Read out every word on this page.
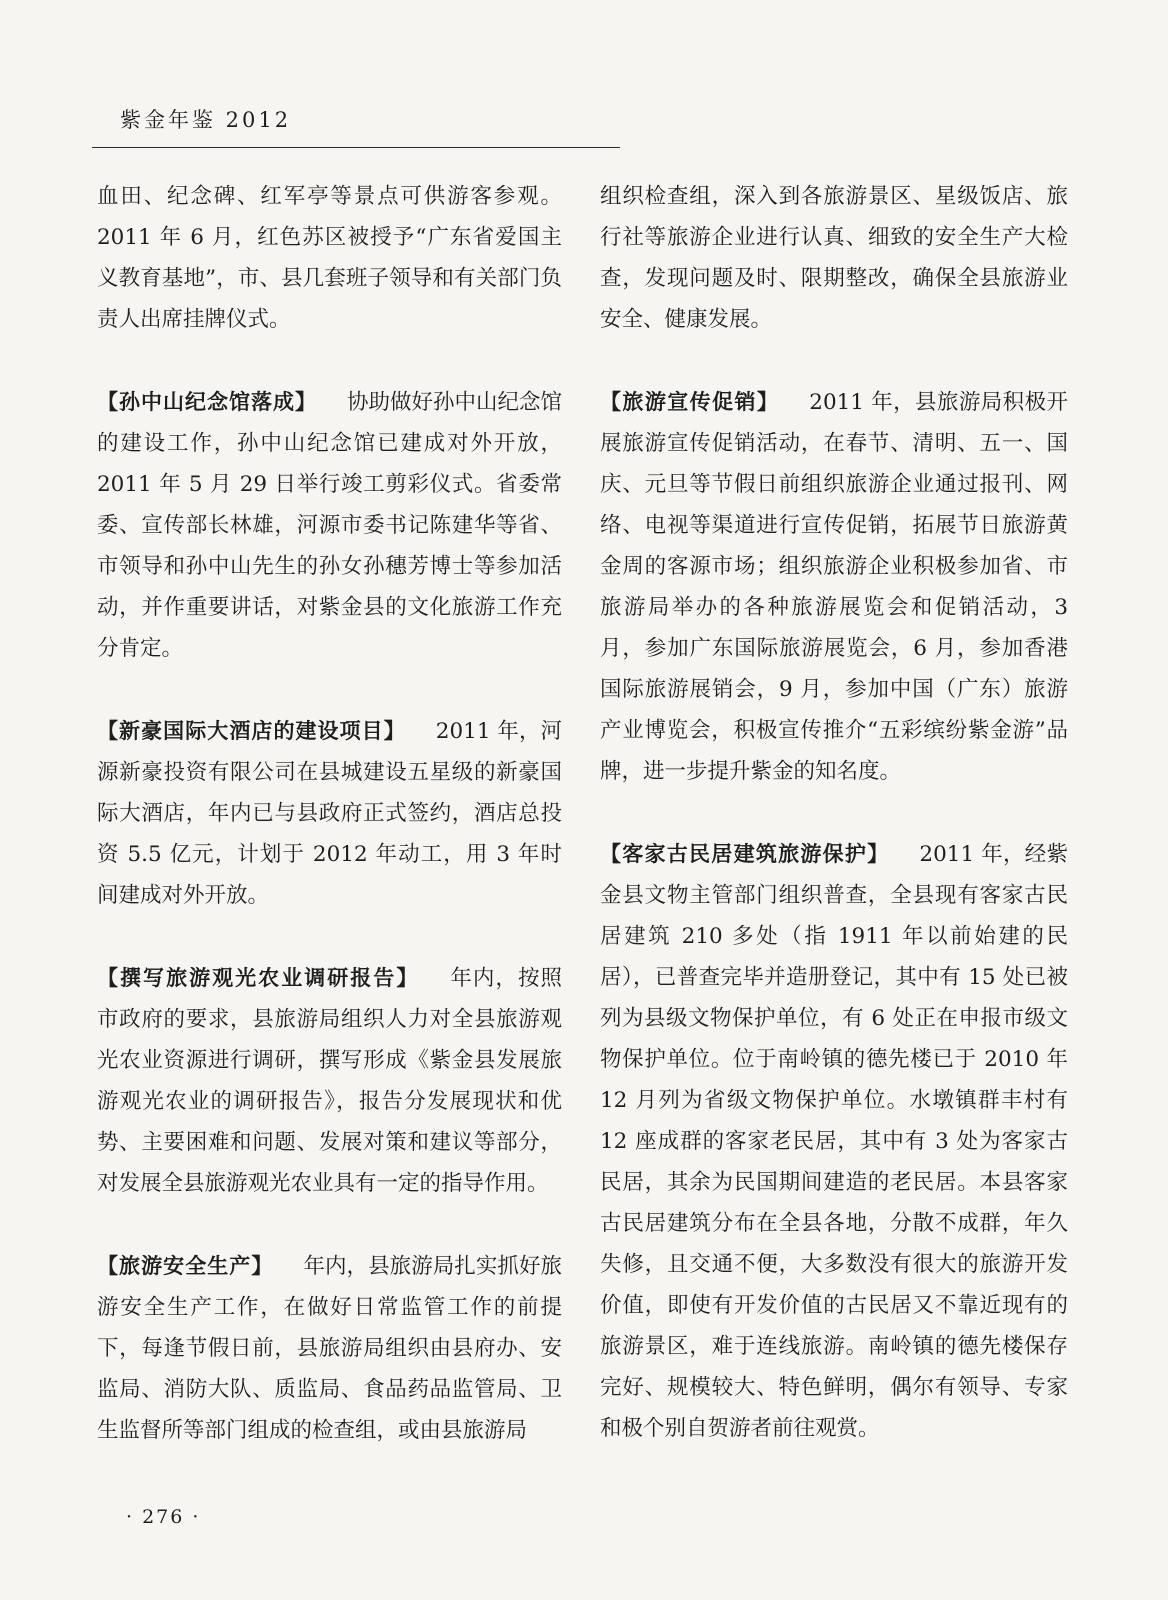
紫金年鉴 2012

血田、纪念碑、红军亭等景点可供游客参观。2011 年 6 月，红色苏区被授予“广东省爱国主义教育基地”，市、县几套班子领导和有关部门负责人出席挂牌仪式。

【孙中山纪念馆落成】 协助做好孙中山纪念馆的建设工作，孙中山纪念馆已建成对外开放，2011 年 5 月 29 日举行竣工剪彩仪式。省委常委、宣传部长林雄，河源市委书记陈建华等省、市领导和孙中山先生的孙女孙穗芳博士等参加活动，并作重要讲话，对紫金县的文化旅游工作充分肯定。

【新豪国际大酒店的建设项目】 2011 年，河源新豪投资有限公司在县城建设五星级的新豪国际大酒店，年内已与县政府正式签约，酒店总投资 5.5 亿元，计划于 2012 年动工，用 3 年时间建成对外开放。

【撰写旅游观光农业调研报告】 年内，按照市政府的要求，县旅游局组织人力对全县旅游观光农业资源进行调研，撰写形成《紫金县发展旅游观光农业的调研报告》，报告分发展现状和优势、主要困难和问题、发展对策和建议等部分，对发展全县旅游观光农业具有一定的指导作用。

【旅游安全生产】 年内，县旅游局扎实抓好旅游安全生产工作，在做好日常监管工作的前提下，每逢节假日前，县旅游局组织由县府办、安监局、消防大队、质监局、食品药品监管局、卫生监督所等部门组成的检查组，或由县旅游局

组织检查组，深入到各旅游景区、星级饭店、旅行社等旅游企业进行认真、细致的安全生产大检查，发现问题及时、限期整改，确保全县旅游业安全、健康发展。

【旅游宣传促销】 2011 年，县旅游局积极开展旅游宣传促销活动，在春节、清明、五一、国庆、元旦等节假日前组织旅游企业通过报刊、网络、电视等渠道进行宣传促销，拓展节日旅游黄金周的客源市场；组织旅游企业积极参加省、市旅游局举办的各种旅游展览会和促销活动，3 月，参加广东国际旅游展览会，6 月，参加香港国际旅游展销会，9 月，参加中国（广东）旅游产业博览会，积极宣传推介“五彩缤纷紫金游”品牌，进一步提升紫金的知名度。

【客家古民居建筑旅游保护】 2011 年，经紫金县文物主管部门组织普查，全县现有客家古民居建筑 210 多处（指 1911 年以前始建的民居），已普查完毕并造册登记，其中有 15 处已被列为县级文物保护单位，有 6 处正在申报市级文物保护单位。位于南岭镇的德先楼已于 2010 年 12 月列为省级文物保护单位。水墩镇群丰村有 12 座成群的客家老民居，其中有 3 处为客家古民居，其余为民国期间建造的老民居。本县客家古民居建筑分布在全县各地，分散不成群，年久失修，且交通不便，大多数没有很大的旅游开发价值，即使有开发价值的古民居又不靠近现有的旅游景区，难于连线旅游。南岭镇的德先楼保存完好、规模较大、特色鲜明，偶尔有领导、专家和极个别自贺游者前往观赏。

· 276 ·
